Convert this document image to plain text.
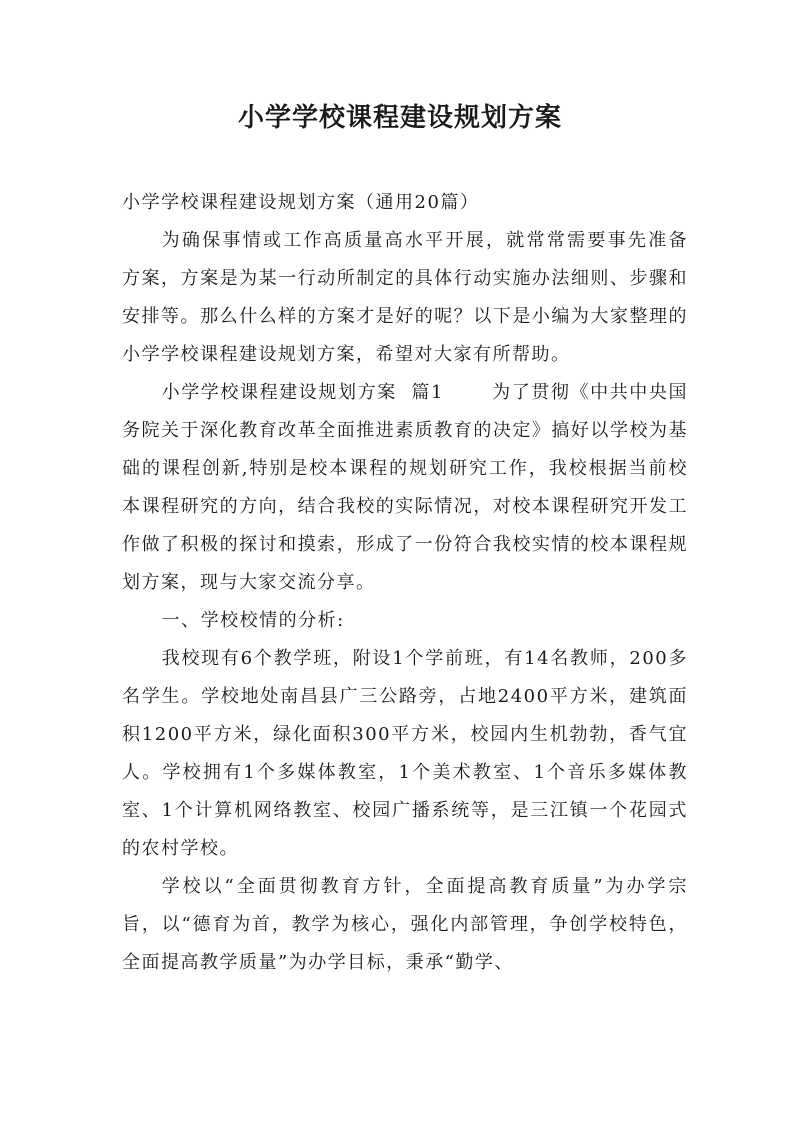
小学学校课程建设规划方案

小学学校课程建设规划方案（通用20篇）

为确保事情或工作高质量高水平开展，就常常需要事先准备方案，方案是为某一行动所制定的具体行动实施办法细则、步骤和安排等。那么什么样的方案才是好的呢？以下是小编为大家整理的小学学校课程建设规划方案，希望对大家有所帮助。

小学学校课程建设规划方案  篇1	为了贯彻《中共中央国务院关于深化教育改革全面推进素质教育的决定》搞好以学校为基础的课程创新,特别是校本课程的规划研究工作，我校根据当前校本课程研究的方向，结合我校的实际情况，对校本课程研究开发工作做了积极的探讨和摸索，形成了一份符合我校实情的校本课程规划方案，现与大家交流分享。

一、学校校情的分析:

我校现有6个教学班，附设1个学前班，有14名教师，200多名学生。学校地处南昌县广三公路旁，占地2400平方米，建筑面积1200平方米，绿化面积300平方米，校园内生机勃勃，香气宜人。学校拥有1个多媒体教室，1个美术教室、1个音乐多媒体教室、1个计算机网络教室、校园广播系统等，是三江镇一个花园式的农村学校。

学校以“全面贯彻教育方针，全面提高教育质量”为办学宗旨，以“德育为首，教学为核心，强化内部管理，争创学校特色，全面提高教学质量”为办学目标，秉承“勤学、
